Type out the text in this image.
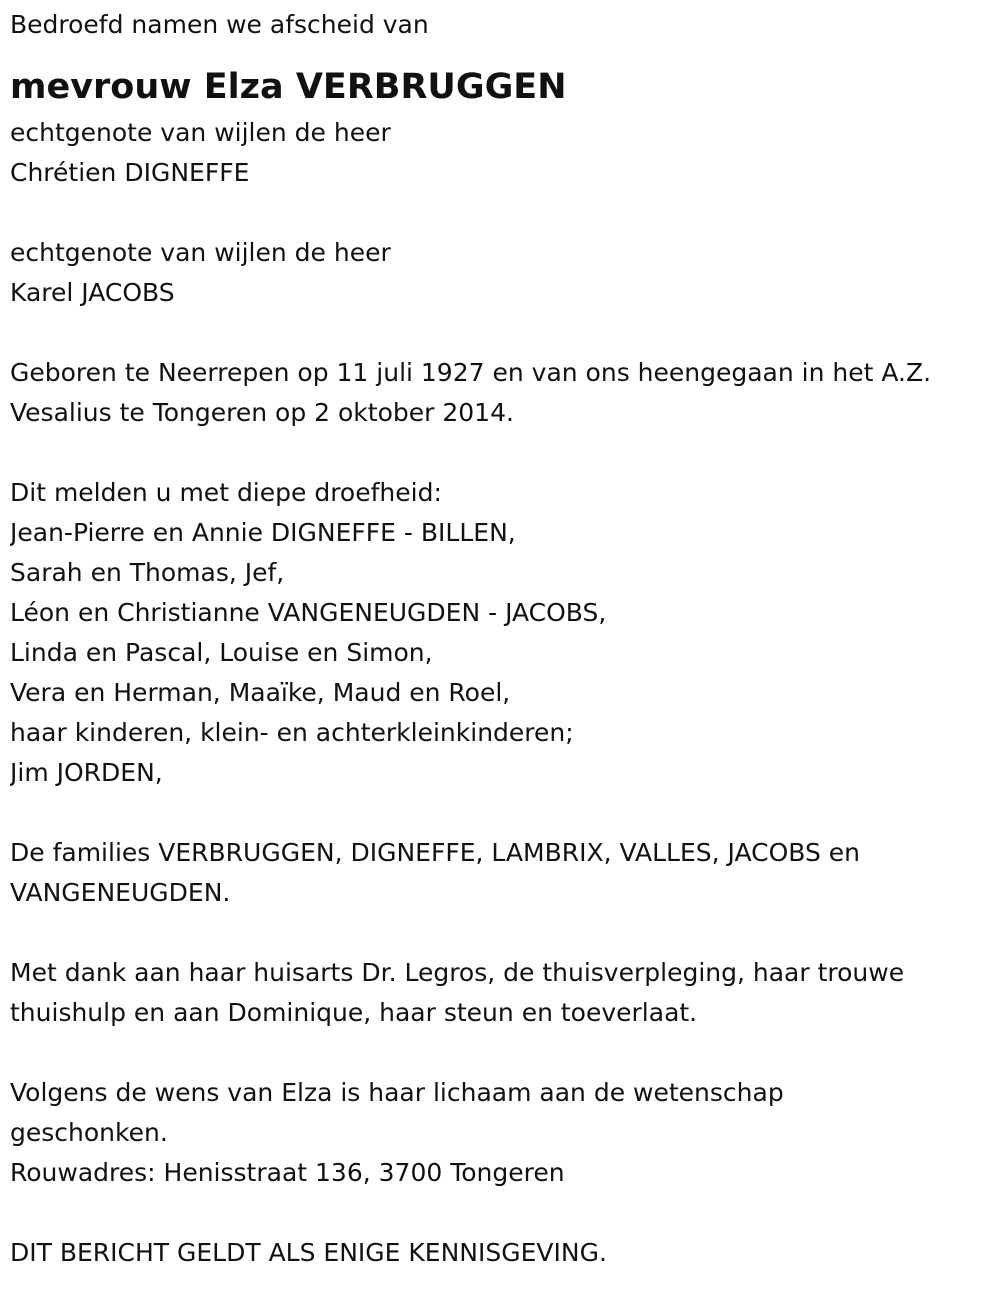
Bedroefd namen we afscheid van
mevrouw Elza VERBRUGGEN
echtgenote van wijlen de heer
Chrétien DIGNEFFE
echtgenote van wijlen de heer
Karel JACOBS
Geboren te Neerrepen op 11 juli 1927 en van ons heengegaan in het A.Z.
Vesalius te Tongeren op 2 oktober 2014.
Dit melden u met diepe droefheid:
Jean-Pierre en Annie DIGNEFFE - BILLEN,
Sarah en Thomas, Jef,
Léon en Christianne VANGENEUGDEN - JACOBS,
Linda en Pascal, Louise en Simon,
Vera en Herman, Maaïke, Maud en Roel,
haar kinderen, klein- en achterkleinkinderen;
Jim JORDEN,
De families VERBRUGGEN, DIGNEFFE, LAMBRIX, VALLES, JACOBS en
VANGENEUGDEN.
Met dank aan haar huisarts Dr. Legros, de thuisverpleging, haar trouwe
thuishulp en aan Dominique, haar steun en toeverlaat.
Volgens de wens van Elza is haar lichaam aan de wetenschap
geschonken.
Rouwadres: Henisstraat 136, 3700 Tongeren
DIT BERICHT GELDT ALS ENIGE KENNISGEVING.
